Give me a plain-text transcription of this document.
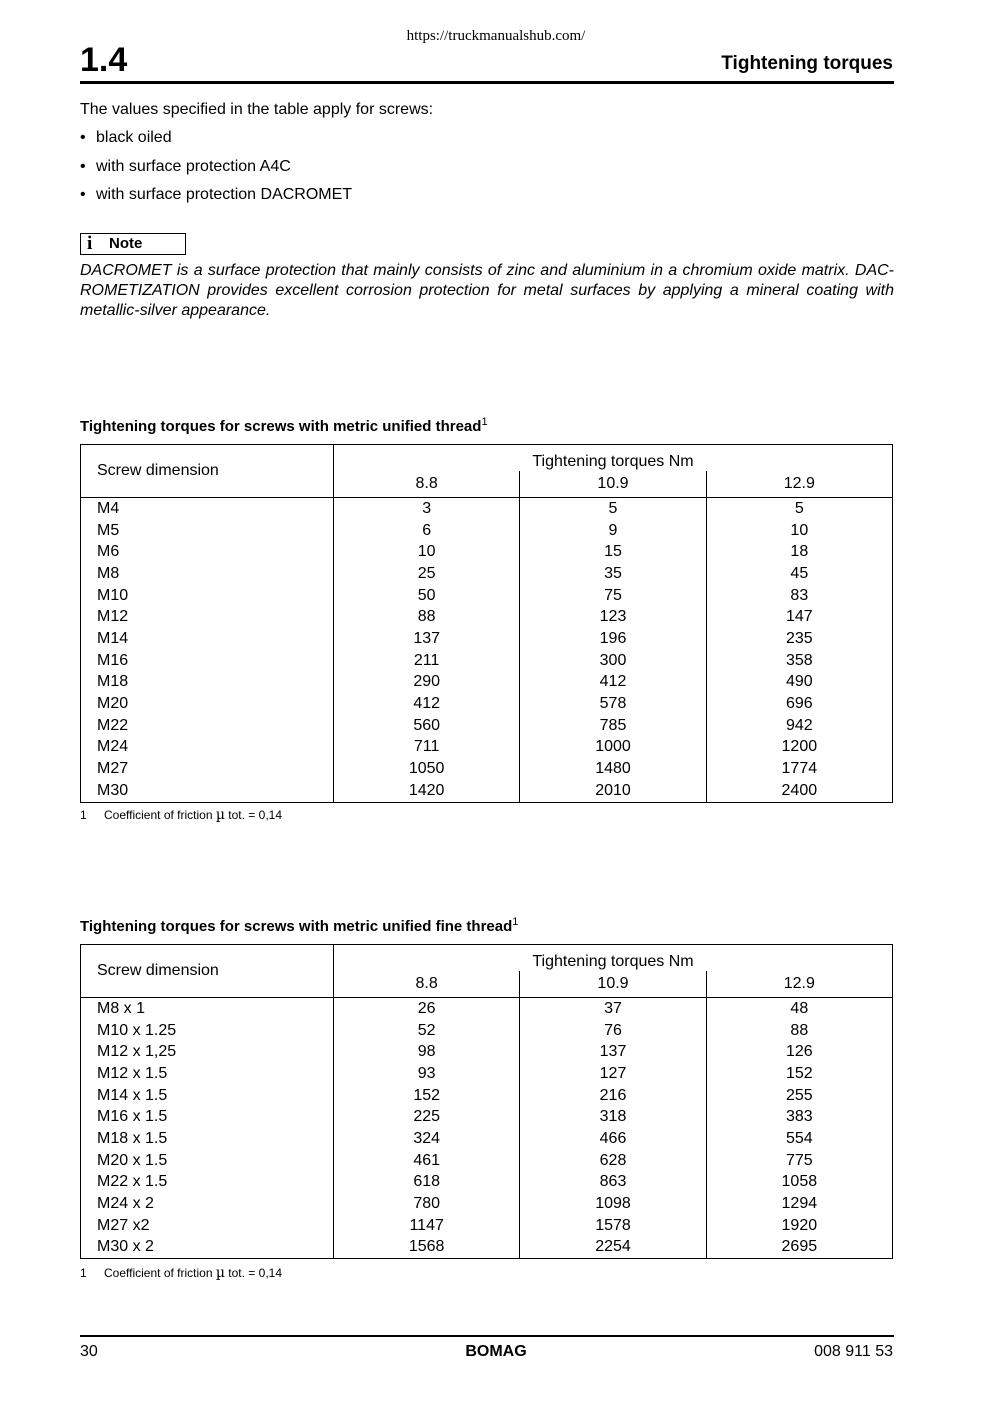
https://truckmanualshub.com/
1.4	Tightening torques
The values specified in the table apply for screws:
• black oiled
• with surface protection A4C
• with surface protection DACROMET
i Note
DACROMET is a surface protection that mainly consists of zinc and aluminium in a chromium oxide matrix. DAC-ROMETIZATION provides excellent corrosion protection for metal surfaces by applying a mineral coating with metallic-silver appearance.
Tightening torques for screws with metric unified thread$^1$
Screw dimension	Tightening torques Nm		
	8.8	10.9	12.9
M4	3	5	5
M5	6	9	10
M6	10	15	18
M8	25	35	45
M10	50	75	83
M12	88	123	147
M14	137	196	235
M16	211	300	358
M18	290	412	490
M20	412	578	696
M22	560	785	942
M24	711	1000	1200
M27	1050	1480	1774
M30	1420	2010	2400
1 Coefficient of friction µ tot. = 0,14
Tightening torques for screws with metric unified fine thread$^1$
Screw dimension	Tightening torques Nm		
	8.8	10.9	12.9
M8 x 1	26	37	48
M10 x 1.25	52	76	88
M12 x 1,25	98	137	126
M12 x 1.5	93	127	152
M14 x 1.5	152	216	255
M16 x 1.5	225	318	383
M18 x 1.5	324	466	554
M20 x 1.5	461	628	775
M22 x 1.5	618	863	1058
M24 x 2	780	1098	1294
M27 x2	1147	1578	1920
M30 x 2	1568	2254	2695
1 Coefficient of friction µ tot. = 0,14
30	BOMAG	008 911 53
